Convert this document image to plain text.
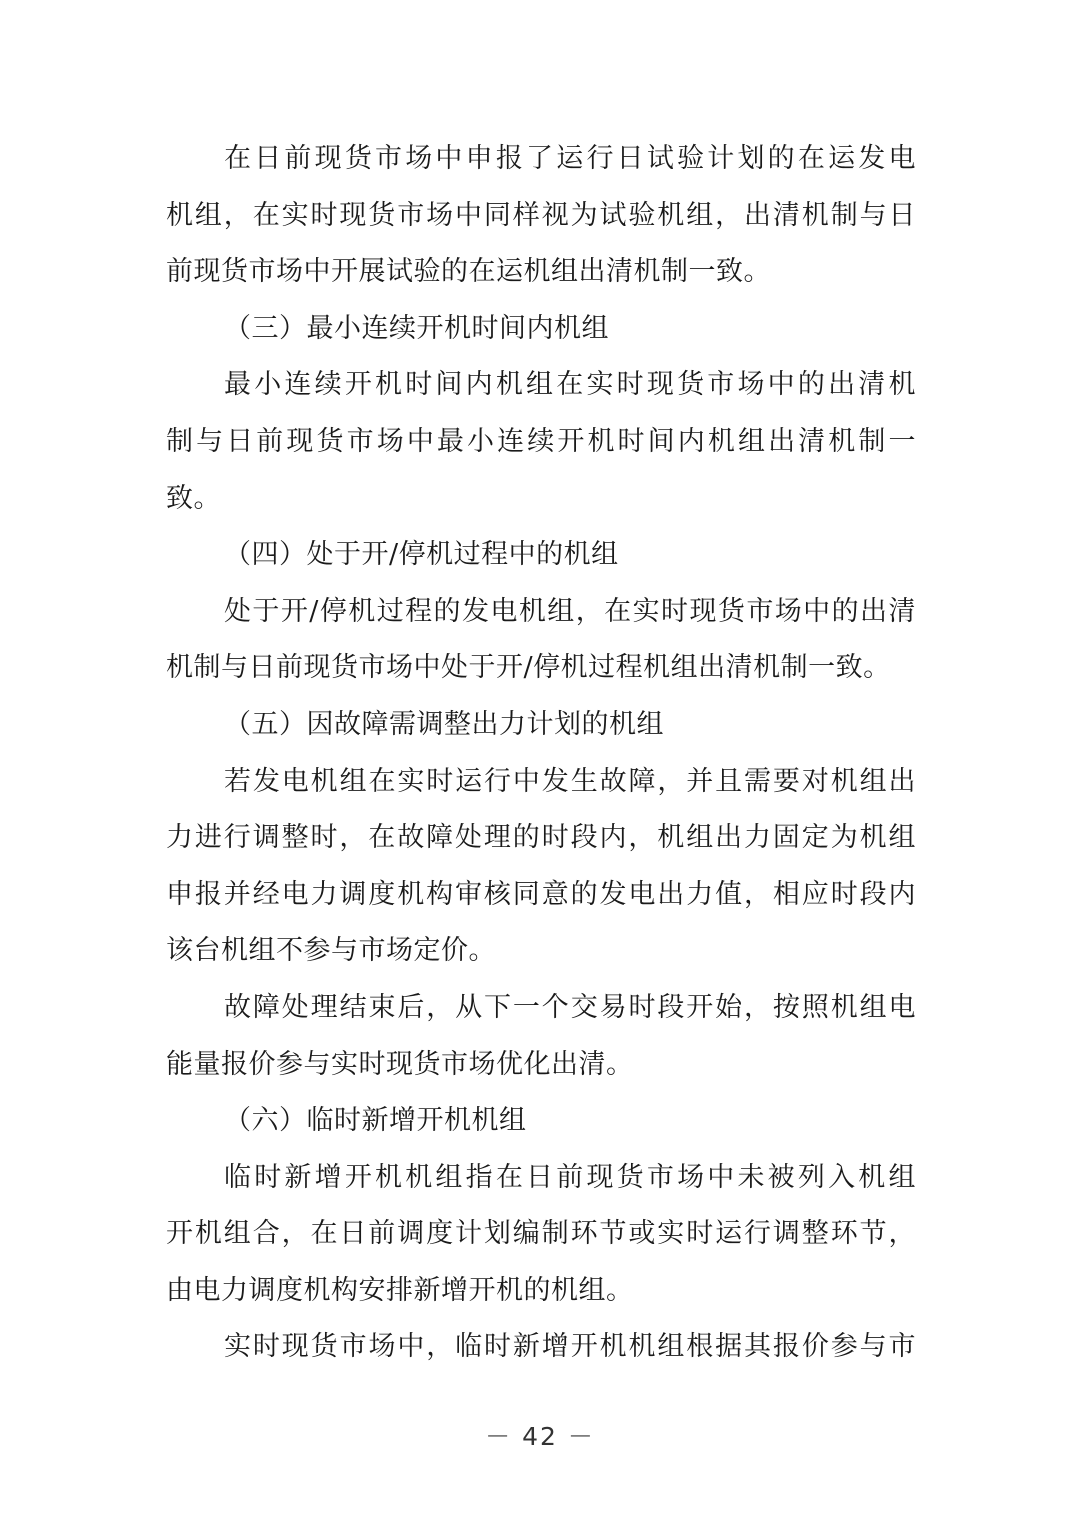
在日前现货市场中申报了运行日试验计划的在运发电
机组，在实时现货市场中同样视为试验机组，出清机制与日
前现货市场中开展试验的在运机组出清机制一致。
（三）最小连续开机时间内机组
最小连续开机时间内机组在实时现货市场中的出清机
制与日前现货市场中最小连续开机时间内机组出清机制一
致。
（四）处于开/停机过程中的机组
处于开/停机过程的发电机组，在实时现货市场中的出清
机制与日前现货市场中处于开/停机过程机组出清机制一致。
（五）因故障需调整出力计划的机组
若发电机组在实时运行中发生故障，并且需要对机组出
力进行调整时，在故障处理的时段内，机组出力固定为机组
申报并经电力调度机构审核同意的发电出力值，相应时段内
该台机组不参与市场定价。
故障处理结束后，从下一个交易时段开始，按照机组电
能量报价参与实时现货市场优化出清。
（六）临时新增开机机组
临时新增开机机组指在日前现货市场中未被列入机组
开机组合，在日前调度计划编制环节或实时运行调整环节，
由电力调度机构安排新增开机的机组。
实时现货市场中，临时新增开机机组根据其报价参与市
－ 42 －
